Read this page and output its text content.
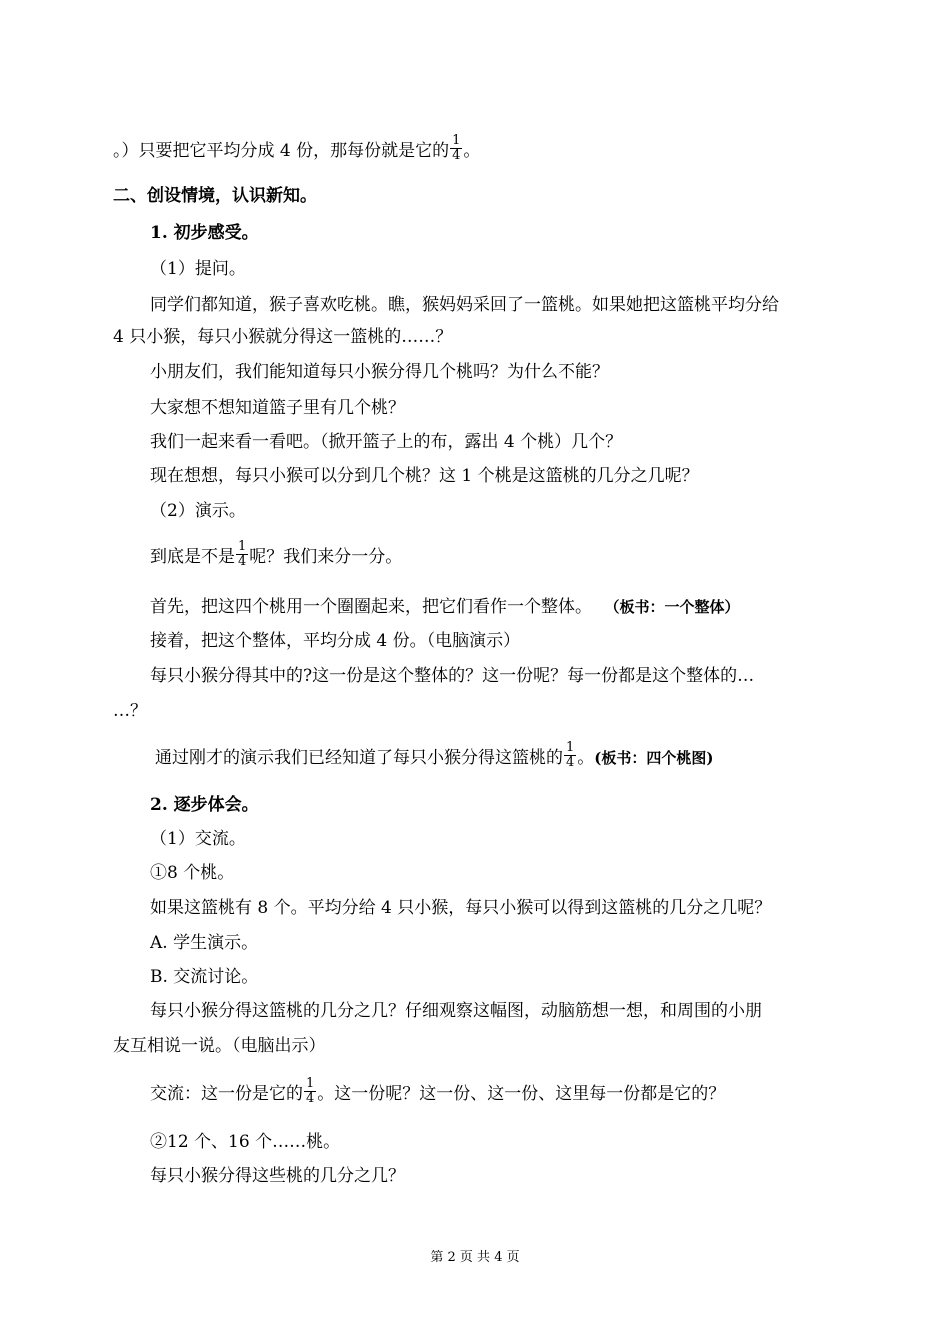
。）只要把它平均分成 4 份，那每份就是它的 $\frac{1}{4}$ 。
二、创设情境，认识新知。
1. 初步感受。
（1）提问。
同学们都知道，猴子喜欢吃桃。瞧，猴妈妈采回了一篮桃。如果她把这篮桃平均分给
4 只小猴，每只小猴就分得这一篮桃的……？
小朋友们，我们能知道每只小猴分得几个桃吗？为什么不能？
大家想不想知道篮子里有几个桃？
我们一起来看一看吧。（掀开篮子上的布，露出 4 个桃）几个？
现在想想，每只小猴可以分到几个桃？这 1 个桃是这篮桃的几分之几呢？
（2）演示。
到底是不是 $\frac{1}{4}$ 呢？我们来分一分。
首先，把这四个桃用一个圈圈起来，把它们看作一个整体。 （板书：一个整体）
接着，把这个整体，平均分成 4 份。（电脑演示）
每只小猴分得其中的?这一份是这个整体的？这一份呢？每一份都是这个整体的…
…？
通过刚才的演示我们已经知道了每只小猴分得这篮桃的 $\frac{1}{4}$ 。(板书：四个桃图)
2. 逐步体会。
（1）交流。
①8 个桃。
如果这篮桃有 8 个。平均分给 4 只小猴，每只小猴可以得到这篮桃的几分之几呢？
A. 学生演示。
B. 交流讨论。
每只小猴分得这篮桃的几分之几？仔细观察这幅图，动脑筋想一想，和周围的小朋
友互相说一说。（电脑出示）
交流：这一份是它的 $\frac{1}{4}$ 。这一份呢？这一份、这一份、这里每一份都是它的？
②12 个、16 个……桃。
每只小猴分得这些桃的几分之几？
第 2 页 共 4 页
